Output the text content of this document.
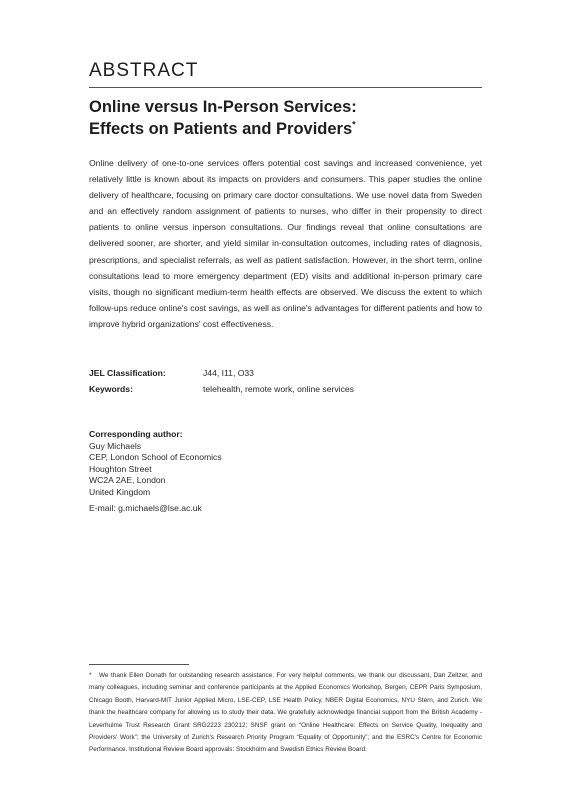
ABSTRACT
Online versus In-Person Services:
Effects on Patients and Providers*

Online delivery of one-to-one services offers potential cost savings and increased convenience, yet relatively little is known about its impacts on providers and consumers. This paper studies the online delivery of healthcare, focusing on primary care doctor consultations. We use novel data from Sweden and an effectively random assignment of patients to nurses, who differ in their propensity to direct patients to online versus inperson consultations. Our findings reveal that online consultations are delivered sooner, are shorter, and yield similar in-consultation outcomes, including rates of diagnosis, prescriptions, and specialist referrals, as well as patient satisfaction. However, in the short term, online consultations lead to more emergency department (ED) visits and additional in-person primary care visits, though no significant medium-term health effects are observed. We discuss the extent to which follow-ups reduce online's cost savings, as well as online's advantages for different patients and how to improve hybrid organizations' cost effectiveness.

JEL Classification:	J44, I11, O33
Keywords:	telehealth, remote work, online services
Corresponding author:
Guy Michaels
CEP, London School of Economics
Houghton Street
WC2A 2AE, London
United Kingdom
E-mail: g.michaels@lse.ac.uk

* We thank Ellen Donath for outstanding research assistance. For very helpful comments, we thank our discussant, Dan Zeltzer, and many colleagues, including seminar and conference participants at the Applied Economics Workshop, Bergen, CEPR Paris Symposium, Chicago Booth, Harvard-MIT Junior Applied Micro, LSE-CEP, LSE Health Policy, NBER Digital Economics, NYU Stern, and Zurich. We thank the healthcare company for allowing us to study their data. We gratefully acknowledge financial support from the British Academy - Leverhulme Trust Research Grant SRG2223 230212; SNSF grant on “Online Healthcare: Effects on Service Quality, Inequality and Providers' Work”; the University of Zurich's Research Priority Program “Equality of Opportunity”; and the ESRC's Centre for Economic Performance. Institutional Review Board approvals: Stockholm and Swedish Ethics Review Board.
